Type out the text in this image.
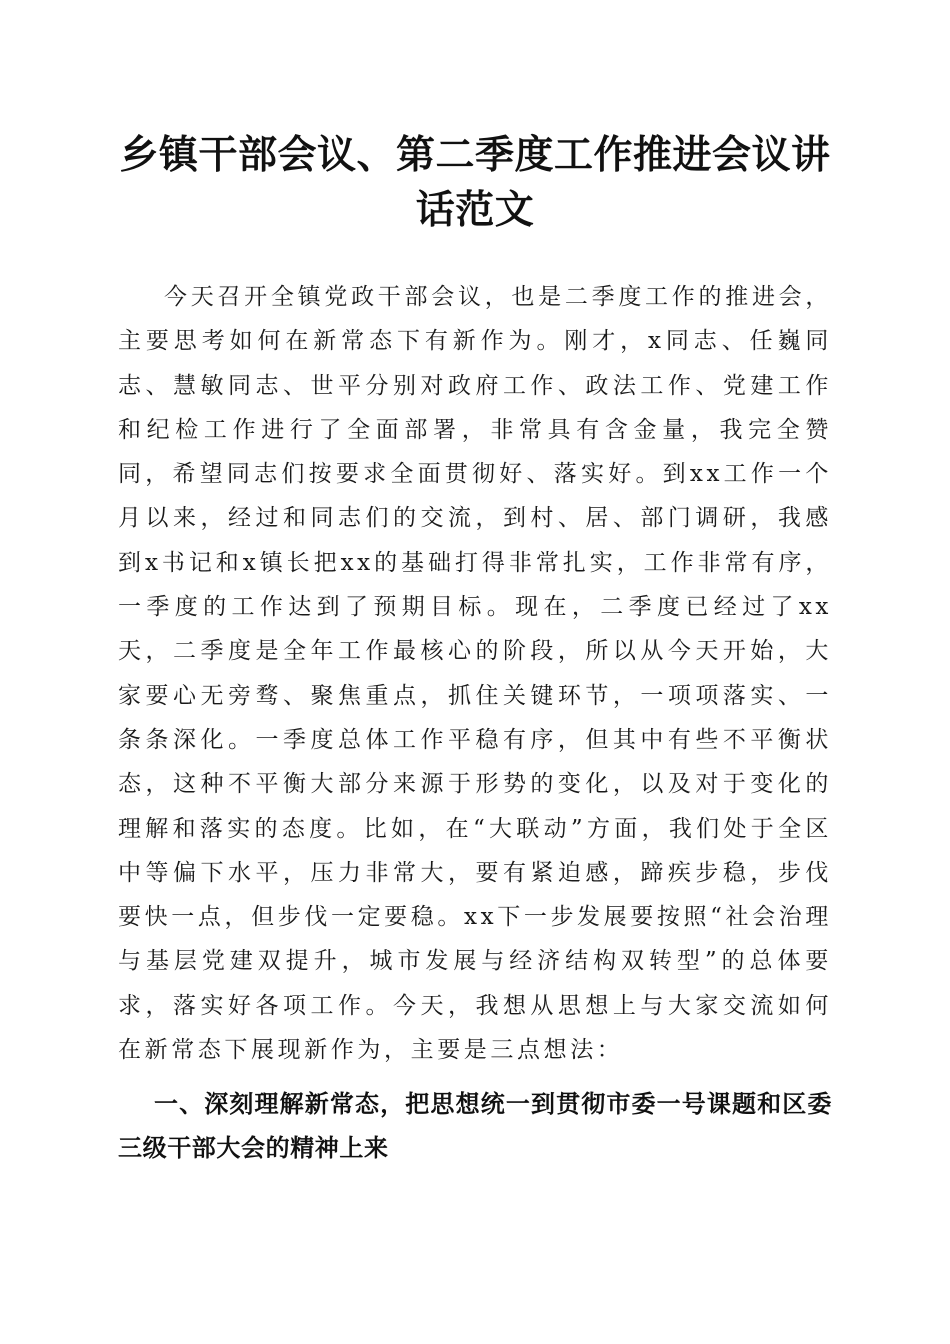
乡镇干部会议、第二季度工作推进会议讲话范文

今天召开全镇党政干部会议，也是二季度工作的推进会，主要思考如何在新常态下有新作为。刚才，x同志、任巍同志、慧敏同志、世平分别对政府工作、政法工作、党建工作和纪检工作进行了全面部署，非常具有含金量，我完全赞同，希望同志们按要求全面贯彻好、落实好。到xx工作一个月以来，经过和同志们的交流，到村、居、部门调研，我感到x书记和x镇长把xx的基础打得非常扎实，工作非常有序，一季度的工作达到了预期目标。现在，二季度已经过了xx天，二季度是全年工作最核心的阶段，所以从今天开始，大家要心无旁骛、聚焦重点，抓住关键环节，一项项落实、一条条深化。一季度总体工作平稳有序，但其中有些不平衡状态，这种不平衡大部分来源于形势的变化，以及对于变化的理解和落实的态度。比如，在“大联动”方面，我们处于全区中等偏下水平，压力非常大，要有紧迫感，蹄疾步稳，步伐要快一点，但步伐一定要稳。xx下一步发展要按照“社会治理与基层党建双提升，城市发展与经济结构双转型”的总体要求，落实好各项工作。今天，我想从思想上与大家交流如何在新常态下展现新作为，主要是三点想法：

一、深刻理解新常态，把思想统一到贯彻市委一号课题和区委三级干部大会的精神上来
